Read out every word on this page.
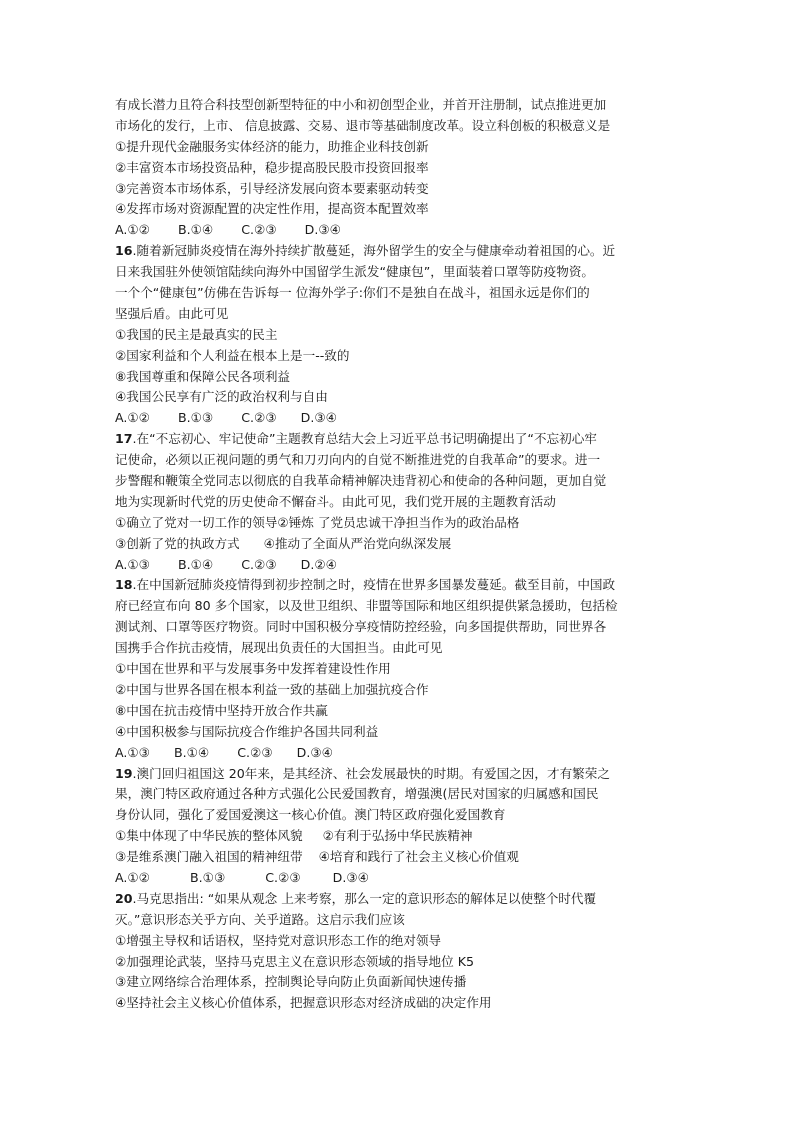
有成长潜力且符合科技型创新型特征的中小和初创型企业，并首开注册制，试点推进更加
市场化的发行，上市、 信息披露、交易、退市等基础制度改革。设立科创板的积极意义是
①提升现代金融服务实体经济的能力，助推企业科技创新
②丰富资本市场投资品种，稳步提高股民股市投资回报率
③完善资本市场体系，引导经济发展向资本要素驱动转变
④发挥市场对资源配置的决定性作用，提高资本配置效率
A.①②       B.①④       C.②③       D.③④
16.随着新冠肺炎疫情在海外持续扩散蔓延，海外留学生的安全与健康牵动着祖国的心。近
日来我国驻外使领馆陆续向海外中国留学生派发“健康包”，里面装着口罩等防疫物资。
一个个“健康包”仿佛在告诉每一 位海外学子:你们不是独自在战斗，祖国永远是你们的
坚强后盾。由此可见
①我国的民主是最真实的民主
②国家利益和个人利益在根本上是一--致的
⑧我国尊重和保障公民各项利益
④我国公民享有广泛的政治权利与自由
A.①②       B.①③       C.②③      D.③④
17.在“不忘初心、牢记使命”主题教育总结大会上习近平总书记明确提出了“不忘初心牢
记使命，必须以正视问题的勇气和刀刃向内的自觉不断推进党的自我革命”的要求。进一
步警醒和鞭策全党同志以彻底的自我革命精神解决违背初心和使命的各种问题，更加自觉
地为实现新时代党的历史使命不懈奋斗。由此可见，我们党开展的主题教育活动
①确立了党对一切工作的领导②锤炼 了党员忠诚干净担当作为的政治品格
③创新了党的执政方式      ④推动了全面从严治党向纵深发展
A.①③       B.①④       C.②③      D.②④
18.在中国新冠肺炎疫情得到初步控制之时，疫情在世界多国暴发蔓延。截至目前，中国政
府已经宣布向 80 多个国家，以及世卫组织、非盟等国际和地区组织提供紧急援助，包括检
测试剂、口罩等医疗物资。同时中国积极分享疫情防控经验，向多国提供帮助，同世界各
国携手合作抗击疫情，展现出负责任的大国担当。由此可见
①中国在世界和平与发展事务中发挥着建设性作用
②中国与世界各国在根本利益一致的基础上加强抗疫合作
⑧中国在抗击疫情中坚持开放合作共赢
④中国积极参与国际抗疫合作维护各国共同利益
A.①③      B.①④       C.②③      D.③④
19.澳门回归祖国这 20年来，是其经济、社会发展最快的时期。有爱国之因，才有繁荣之
果，澳门特区政府通过各种方式强化公民爱国教育，增强澳(居民对国家的归属感和国民
身份认同，强化了爱国爱澳这一核心价值。澳门特区政府强化爱国教育
①集中体现了中华民族的整体风貌     ②有利于弘扬中华民族精神
③是维系澳门融入祖国的精神纽带    ④培育和践行了社会主义核心价值观
A.①②          B.①③          C.②③        D.③④
20.马克思指出: “如果从观念 上来考察，那么一定的意识形态的解体足以使整个时代覆
灭。”意识形态关乎方向、关乎道路。这启示我们应该
①增强主导权和话语权，坚持党对意识形态工作的绝对领导
②加强理论武装，坚持马克思主义在意识形态领域的指导地位 K5
③建立网络综合治理体系，控制舆论导向防止负面新闻快速传播
④坚持社会主义核心价值体系，把握意识形态对经济成础的决定作用
